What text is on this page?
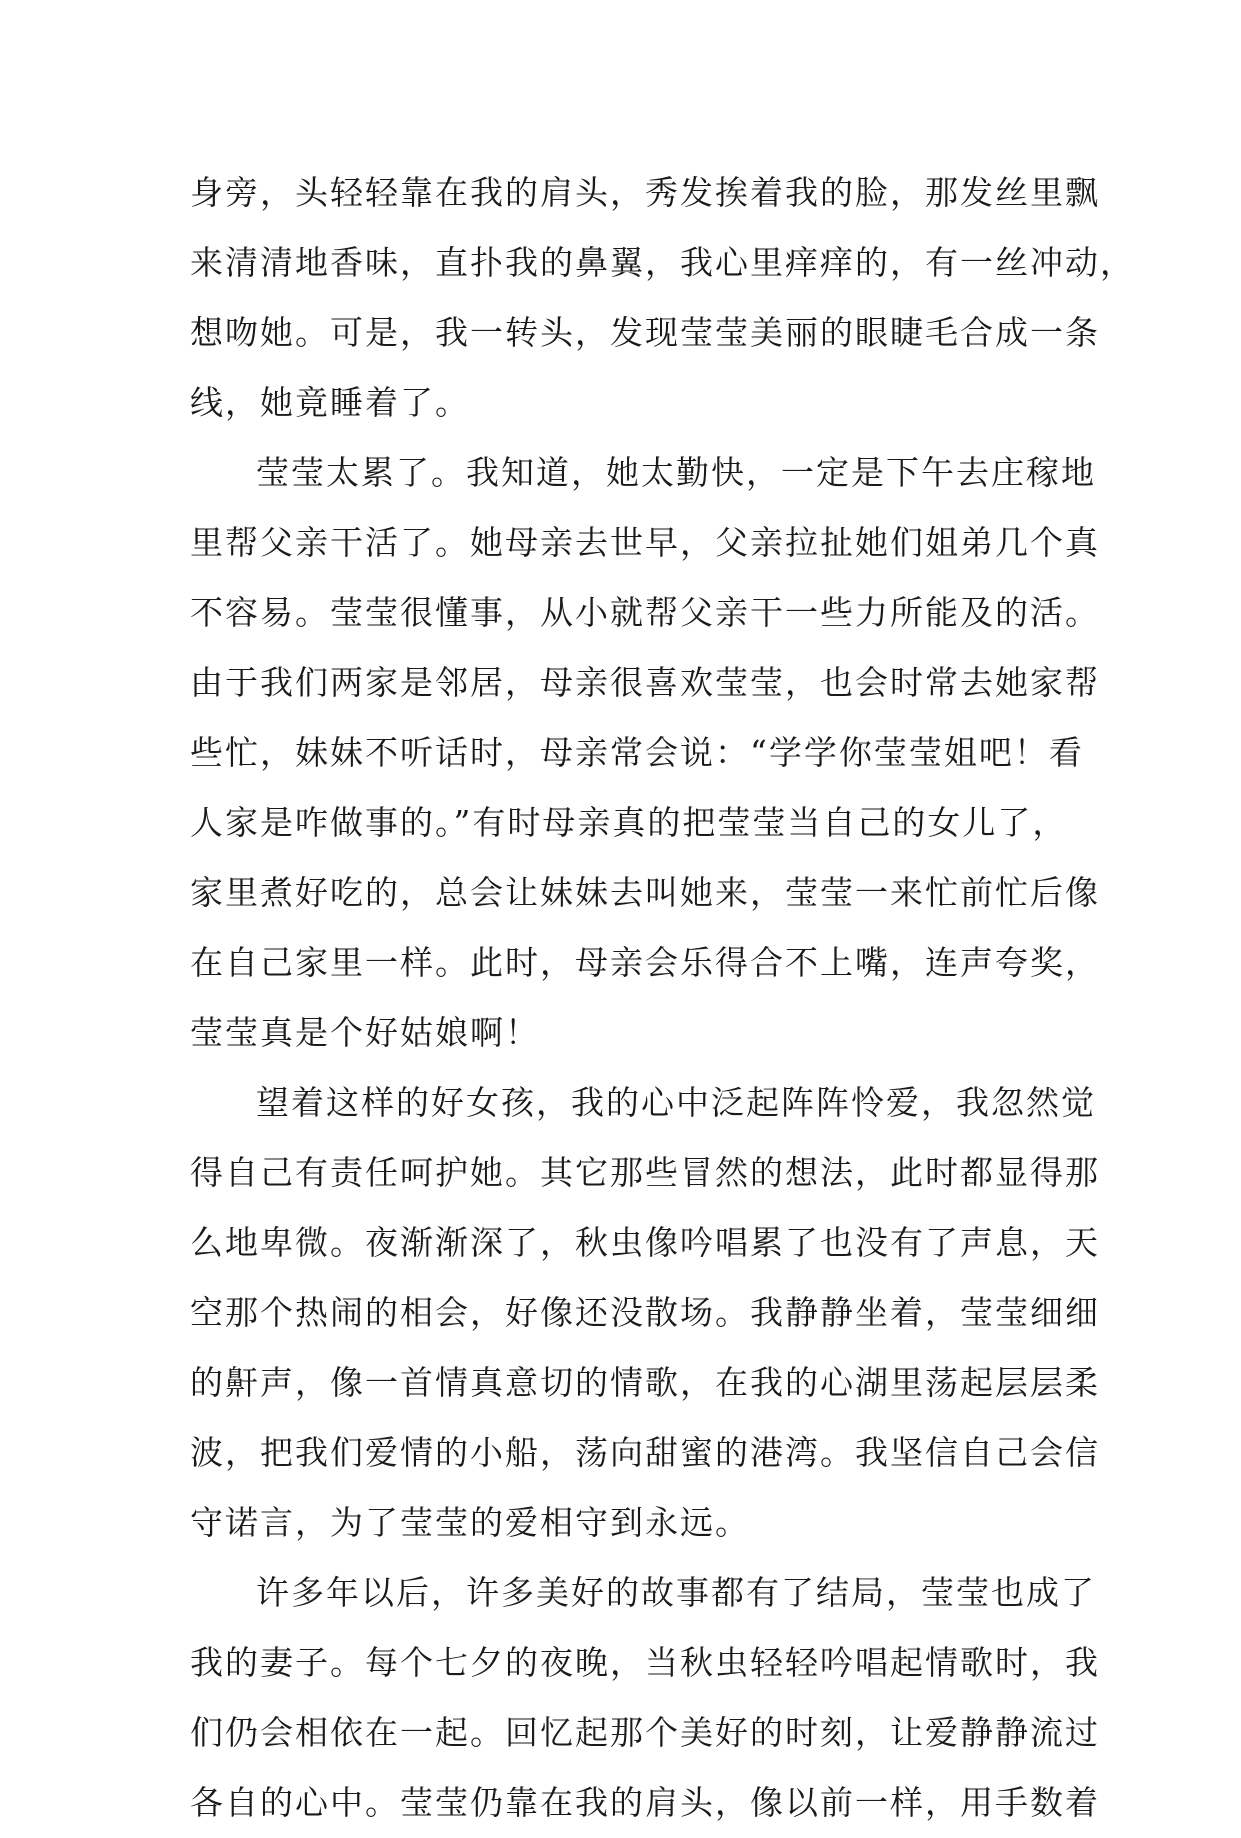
身旁，头轻轻靠在我的肩头，秀发挨着我的脸，那发丝里飘
来清清地香味，直扑我的鼻翼，我心里痒痒的，有一丝冲动，
想吻她。可是，我一转头，发现莹莹美丽的眼睫毛合成一条
线，她竟睡着了。
莹莹太累了。我知道，她太勤快，一定是下午去庄稼地
里帮父亲干活了。她母亲去世早，父亲拉扯她们姐弟几个真
不容易。莹莹很懂事，从小就帮父亲干一些力所能及的活。
由于我们两家是邻居，母亲很喜欢莹莹，也会时常去她家帮
些忙，妹妹不听话时，母亲常会说：“学学你莹莹姐吧！看
人家是咋做事的。”有时母亲真的把莹莹当自己的女儿了，
家里煮好吃的，总会让妹妹去叫她来，莹莹一来忙前忙后像
在自己家里一样。此时，母亲会乐得合不上嘴，连声夸奖，
莹莹真是个好姑娘啊！
望着这样的好女孩，我的心中泛起阵阵怜爱，我忽然觉
得自己有责任呵护她。其它那些冒然的想法，此时都显得那
么地卑微。夜渐渐深了，秋虫像吟唱累了也没有了声息，天
空那个热闹的相会，好像还没散场。我静静坐着，莹莹细细
的鼾声，像一首情真意切的情歌，在我的心湖里荡起层层柔
波，把我们爱情的小船，荡向甜蜜的港湾。我坚信自己会信
守诺言，为了莹莹的爱相守到永远。
许多年以后，许多美好的故事都有了结局，莹莹也成了
我的妻子。每个七夕的夜晚，当秋虫轻轻吟唱起情歌时，我
们仍会相依在一起。回忆起那个美好的时刻，让爱静静流过
各自的心中。莹莹仍靠在我的肩头，像以前一样，用手数着
